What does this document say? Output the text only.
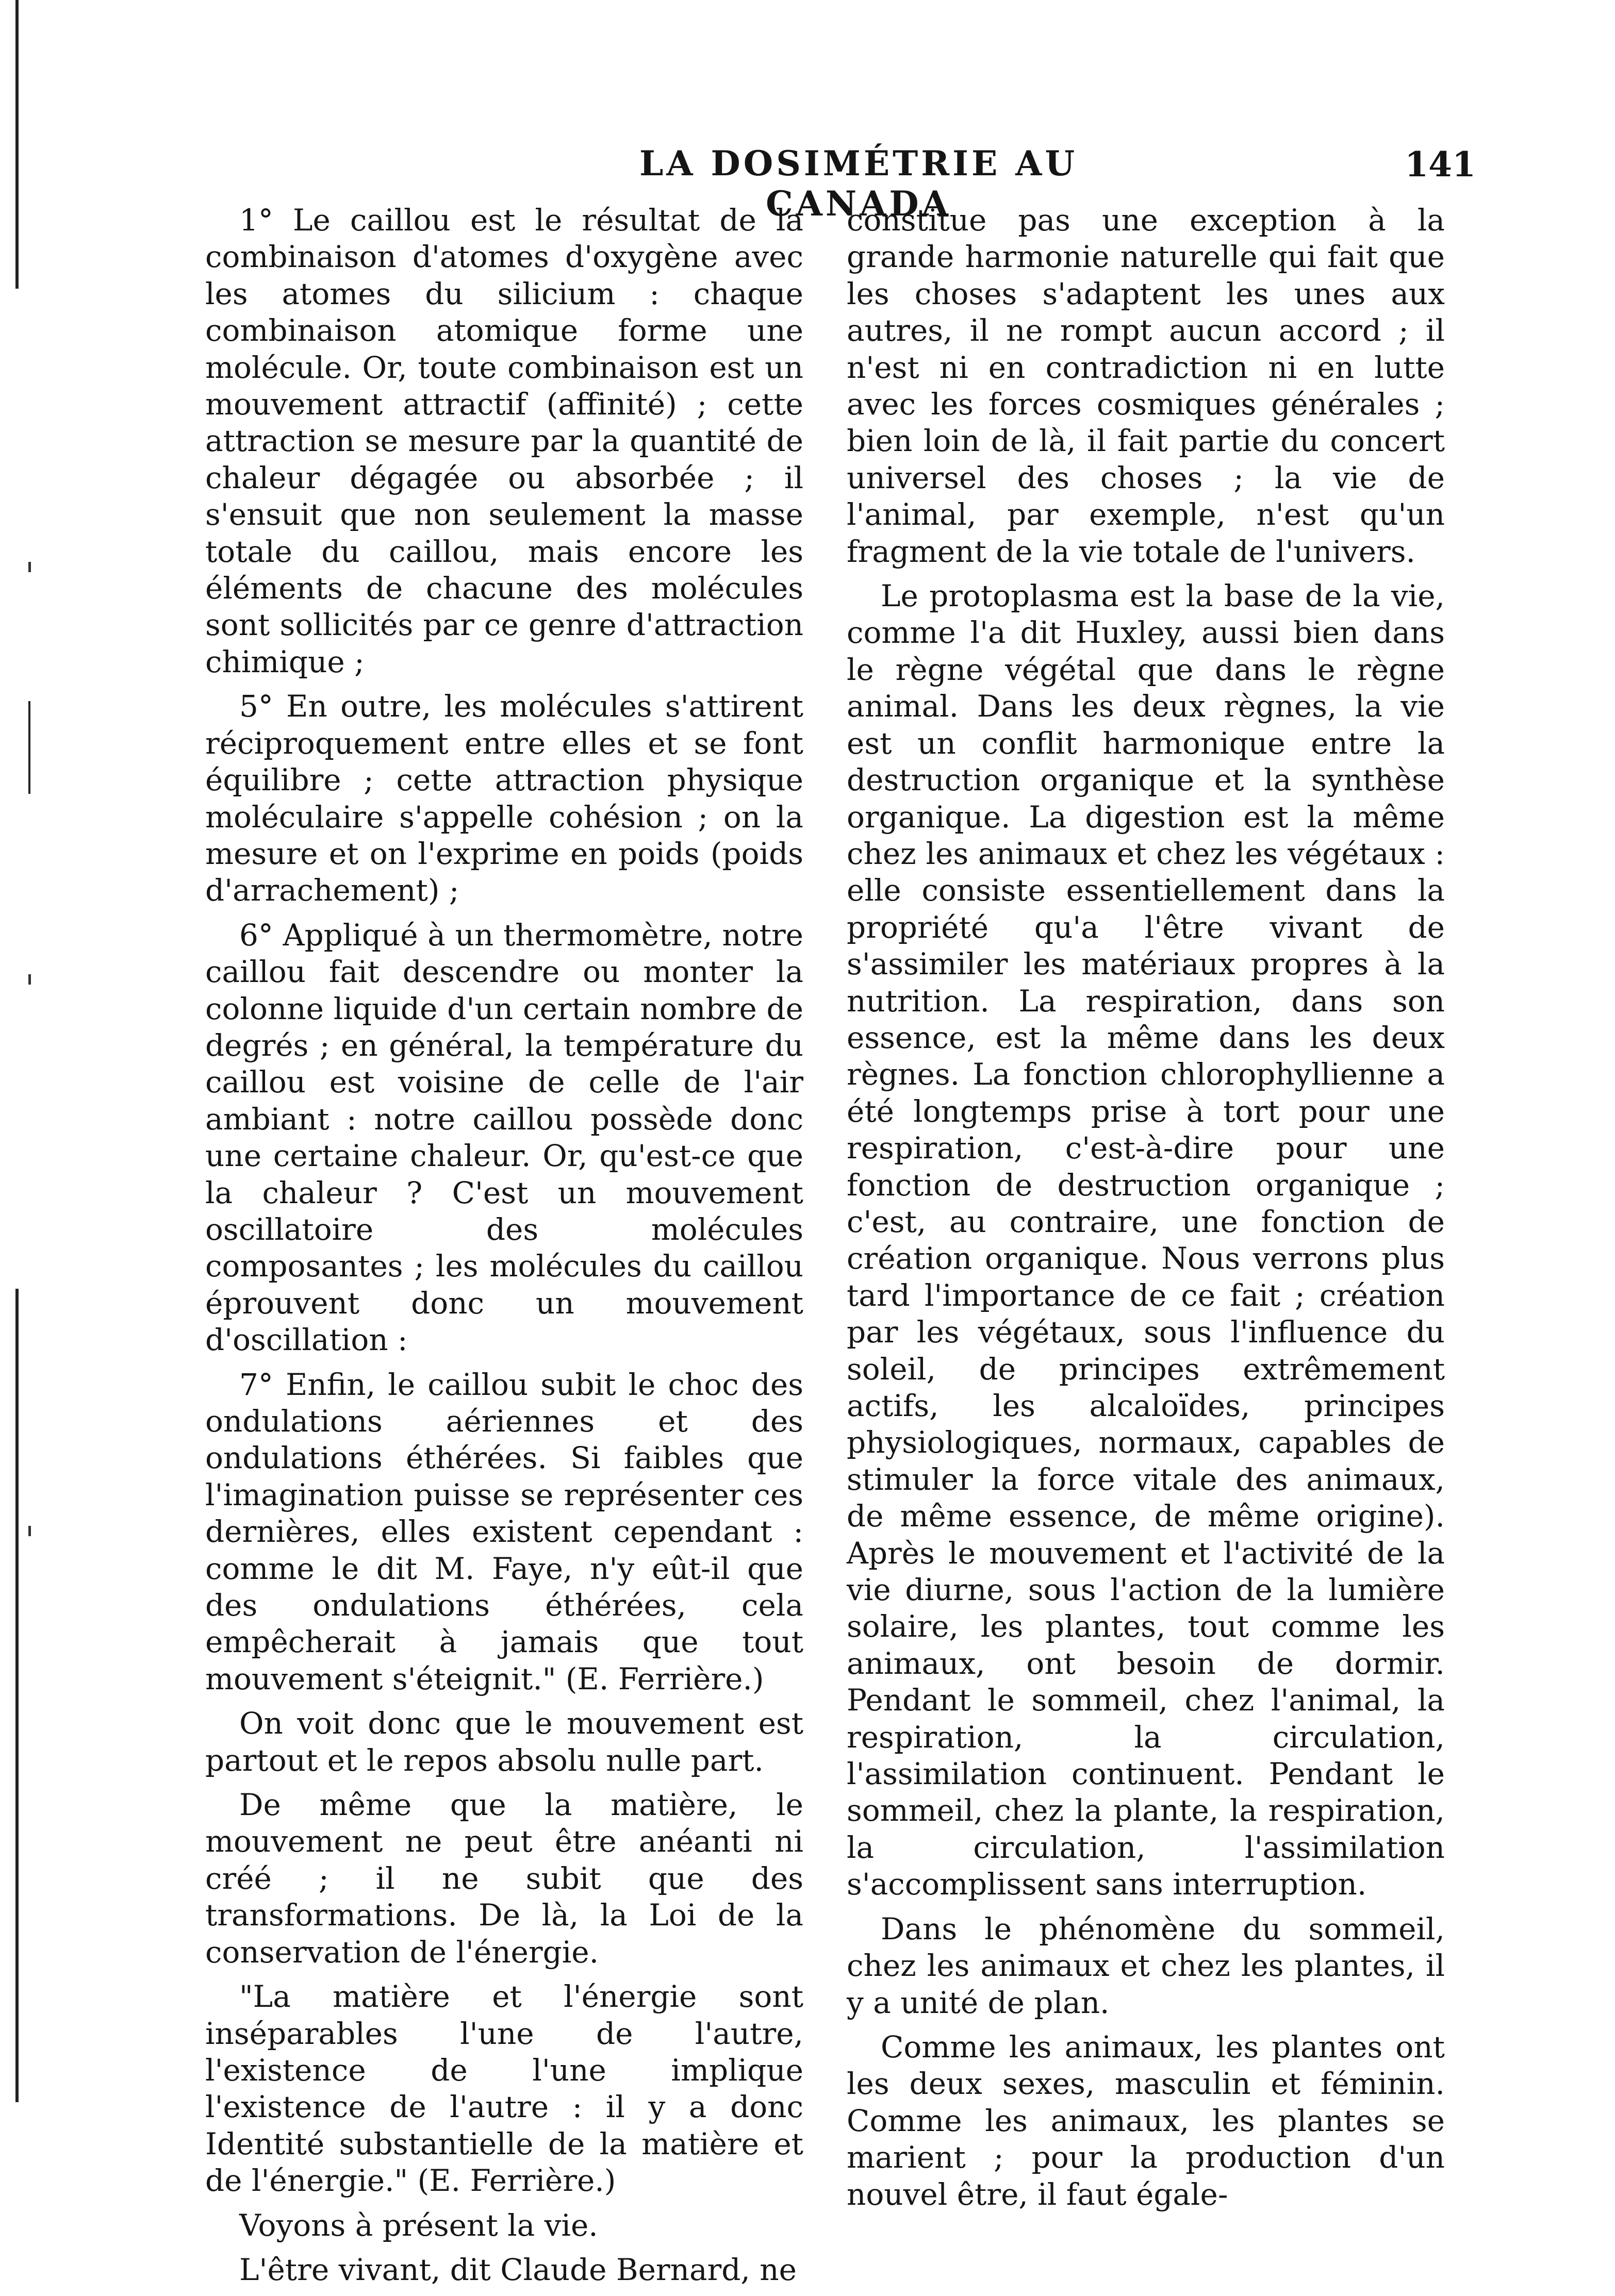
LA DOSIMÉTRIE AU CANADA
141

1° Le caillou est le résultat de la combinaison d'atomes d'oxygène avec les atomes du silicium : chaque combinaison atomique forme une molécule. Or, toute combinaison est un mouvement attractif (affinité) ; cette attraction se mesure par la quantité de chaleur dégagée ou absorbée ; il s'ensuit que non seulement la masse totale du caillou, mais encore les éléments de chacune des molécules sont sollicités par ce genre d'attraction chimique ;

5° En outre, les molécules s'attirent réciproquement entre elles et se font équilibre ; cette attraction physique moléculaire s'appelle cohésion ; on la mesure et on l'exprime en poids (poids d'arrachement) ;

6° Appliqué à un thermomètre, notre caillou fait descendre ou monter la colonne liquide d'un certain nombre de degrés ; en général, la température du caillou est voisine de celle de l'air ambiant : notre caillou possède donc une certaine chaleur. Or, qu'est-ce que la chaleur ? C'est un mouvement oscillatoire des molécules composantes ; les molécules du caillou éprouvent donc un mouvement d'oscillation :

7° Enfin, le caillou subit le choc des ondulations aériennes et des ondulations éthérées. Si faibles que l'imagination puisse se représenter ces dernières, elles existent cependant : comme le dit M. Faye, n'y eût-il que des ondulations éthérées, cela empêcherait à jamais que tout mouvement s'éteignit." (E. Ferrière.)

On voit donc que le mouvement est partout et le repos absolu nulle part.

De même que la matière, le mouvement ne peut être anéanti ni créé ; il ne subit que des transformations. De là, la Loi de la conservation de l'énergie.

"La matière et l'énergie sont inséparables l'une de l'autre, l'existence de l'une implique l'existence de l'autre : il y a donc Identité substantielle de la matière et de l'énergie." (E. Ferrière.)

Voyons à présent la vie.

L'être vivant, dit Claude Bernard, ne

constitue pas une exception à la grande harmonie naturelle qui fait que les choses s'adaptent les unes aux autres, il ne rompt aucun accord ; il n'est ni en contradiction ni en lutte avec les forces cosmiques générales ; bien loin de là, il fait partie du concert universel des choses ; la vie de l'animal, par exemple, n'est qu'un fragment de la vie totale de l'univers.

Le protoplasma est la base de la vie, comme l'a dit Huxley, aussi bien dans le règne végétal que dans le règne animal. Dans les deux règnes, la vie est un conflit harmonique entre la destruction organique et la synthèse organique. La digestion est la même chez les animaux et chez les végétaux : elle consiste essentiellement dans la propriété qu'a l'être vivant de s'assimiler les matériaux propres à la nutrition. La respiration, dans son essence, est la même dans les deux règnes. La fonction chlorophyllienne a été longtemps prise à tort pour une respiration, c'est-à-dire pour une fonction de destruction organique ; c'est, au contraire, une fonction de création organique. Nous verrons plus tard l'importance de ce fait ; création par les végétaux, sous l'influence du soleil, de principes extrêmement actifs, les alcaloïdes, principes physiologiques, normaux, capables de stimuler la force vitale des animaux, de même essence, de même origine). Après le mouvement et l'activité de la vie diurne, sous l'action de la lumière solaire, les plantes, tout comme les animaux, ont besoin de dormir. Pendant le sommeil, chez l'animal, la respiration, la circulation, l'assimilation continuent. Pendant le sommeil, chez la plante, la respiration, la circulation, l'assimilation s'accomplissent sans interruption.

Dans le phénomène du sommeil, chez les animaux et chez les plantes, il y a unité de plan.

Comme les animaux, les plantes ont les deux sexes, masculin et féminin. Comme les animaux, les plantes se marient ; pour la production d'un nouvel être, il faut égale-
